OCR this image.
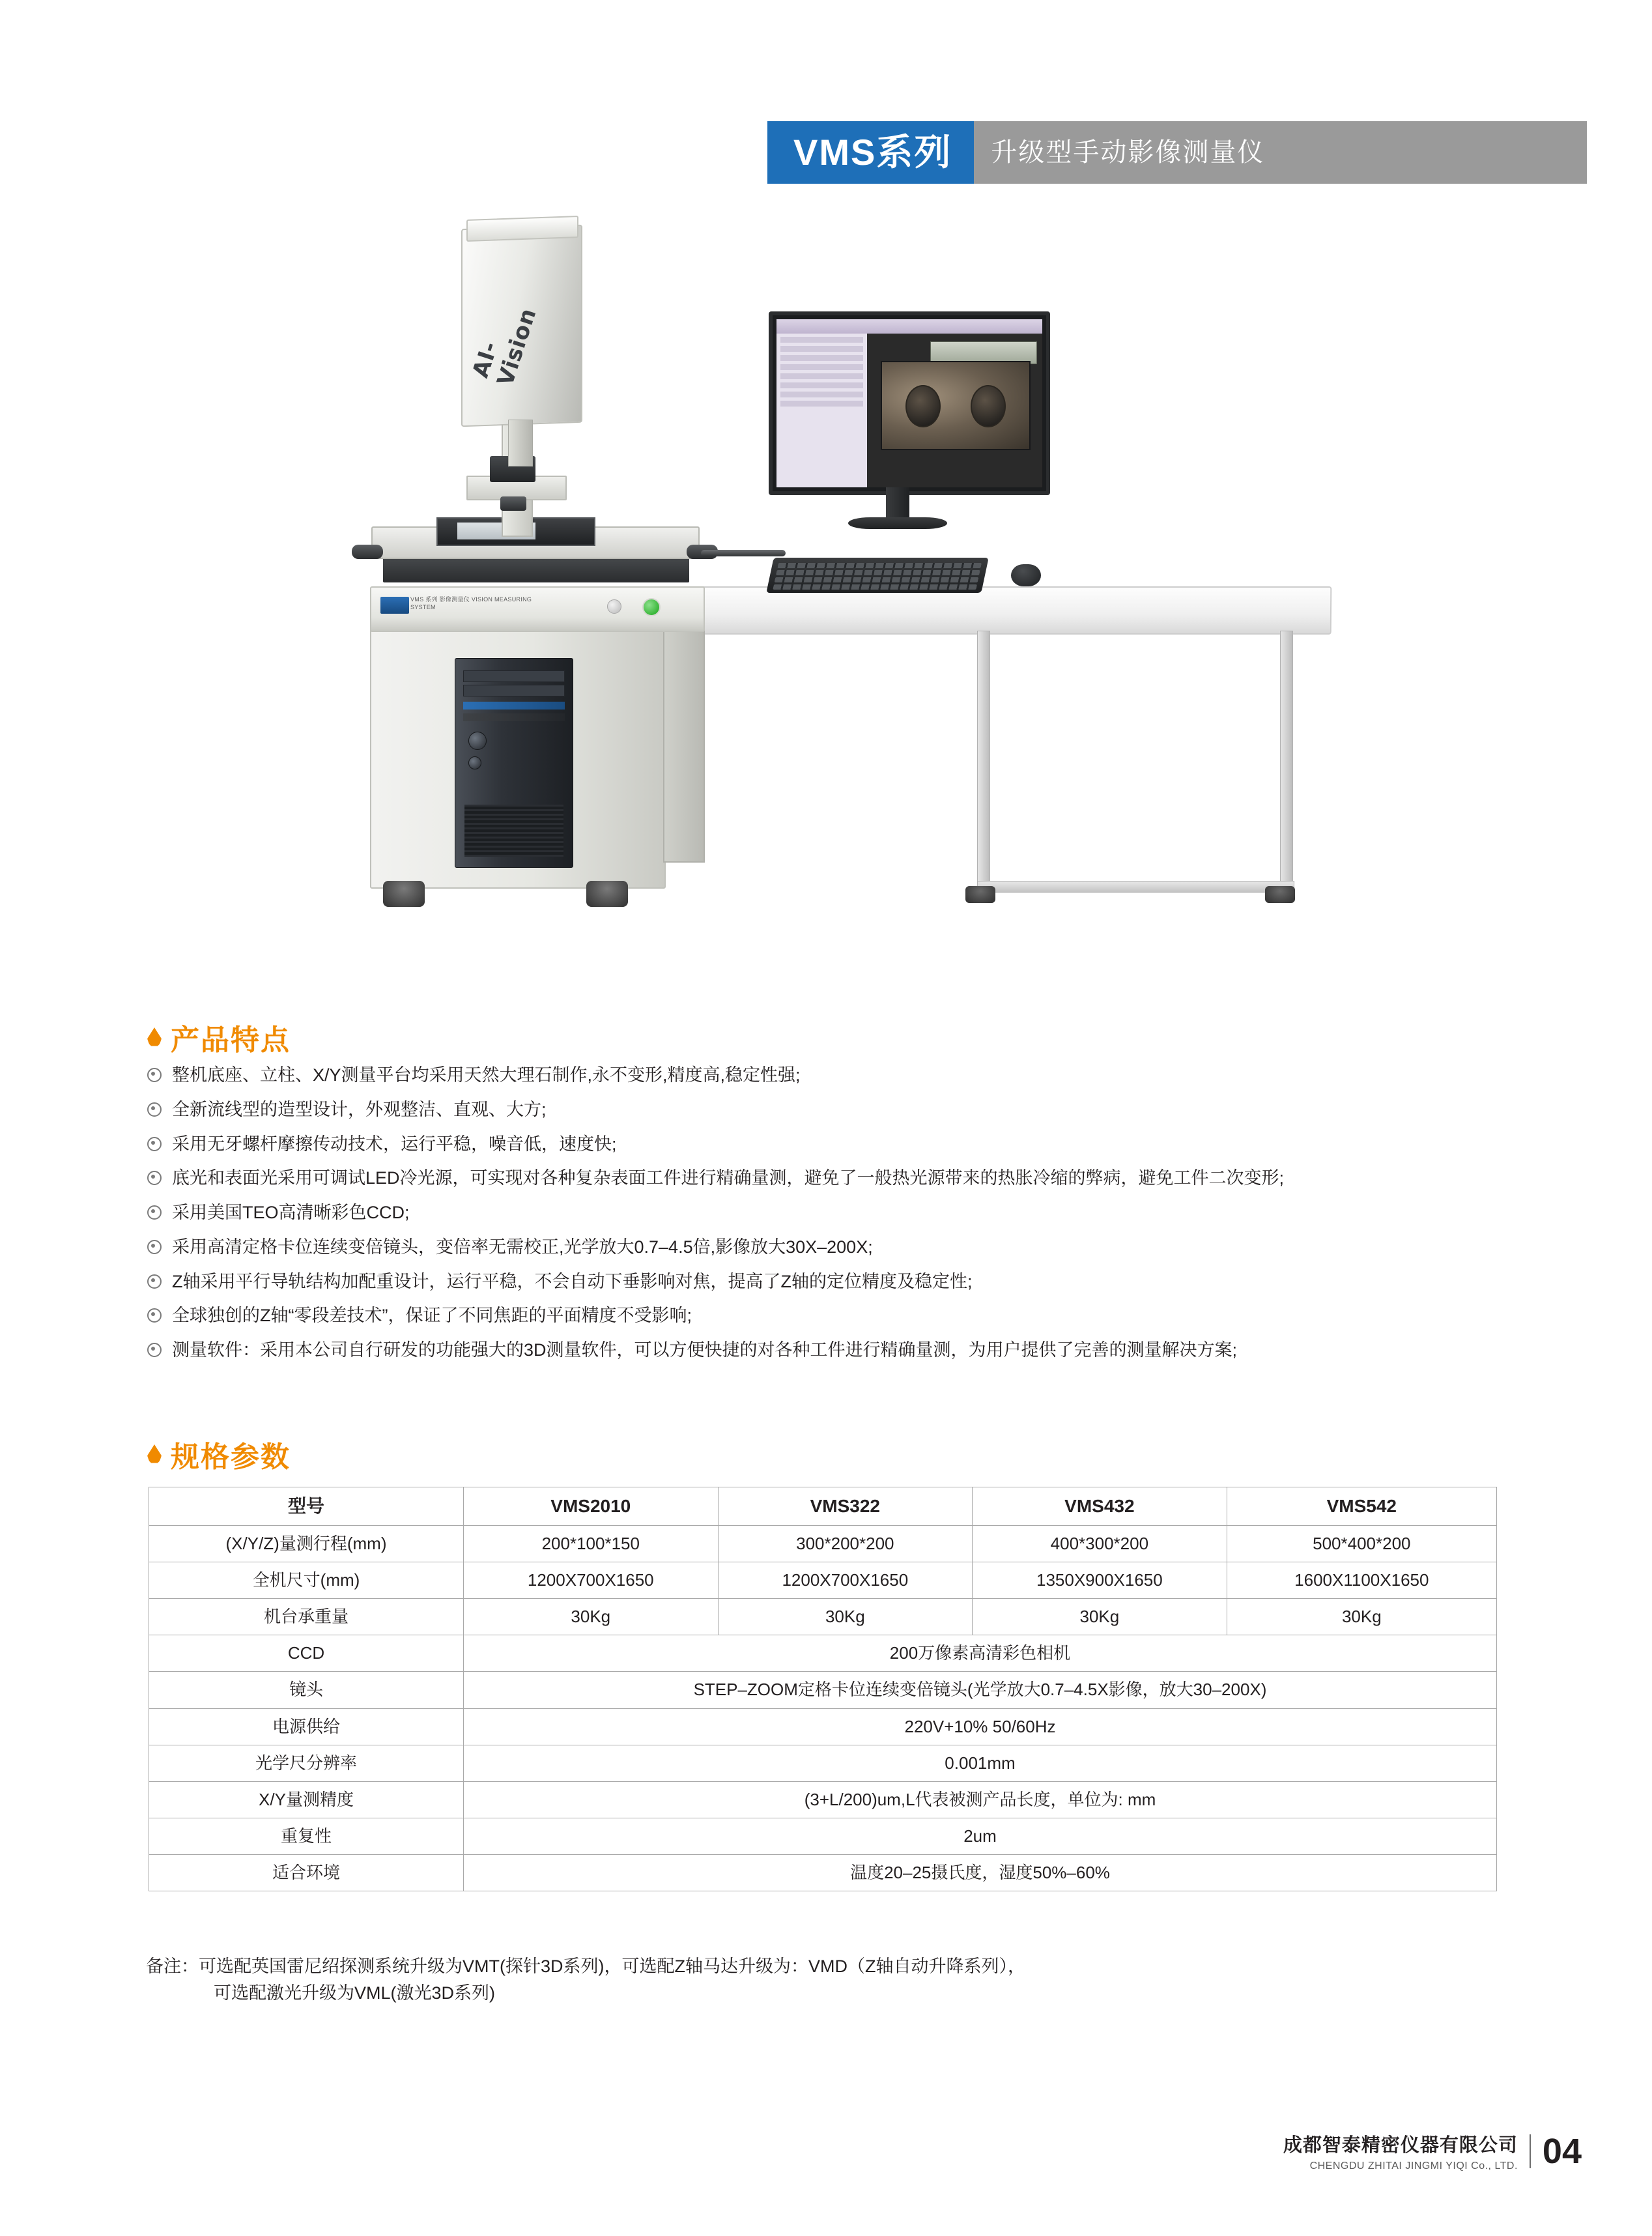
VMS系列	升级型手动影像测量仪
VMS 系列 影像测量仪 VISION MEASURING SYSTEM
AI-Vision
产品特点
整机底座、立柱、X/Y测量平台均采用天然大理石制作,永不变形,精度高,稳定性强;
全新流线型的造型设计，外观整洁、直观、大方;
采用无牙螺杆摩擦传动技术，运行平稳，噪音低，速度快;
底光和表面光采用可调试LED冷光源，可实现对各种复杂表面工件进行精确量测，避免了一般热光源带来的热胀冷缩的弊病，避免工件二次变形;
采用美国TEO高清晰彩色CCD;
采用高清定格卡位连续变倍镜头，变倍率无需校正,光学放大0.7–4.5倍,影像放大30X–200X;
Z轴采用平行导轨结构加配重设计，运行平稳，不会自动下垂影响对焦，提高了Z轴的定位精度及稳定性;
全球独创的Z轴“零段差技术”，保证了不同焦距的平面精度不受影响;
测量软件：采用本公司自行研发的功能强大的3D测量软件，可以方便快捷的对各种工件进行精确量测，为用户提供了完善的测量解决方案;
规格参数
型号	VMS2010	VMS322	VMS432	VMS542
(X/Y/Z)量测行程(mm)	200*100*150	300*200*200	400*300*200	500*400*200
全机尺寸(mm)	1200X700X1650	1200X700X1650	1350X900X1650	1600X1100X1650
机台承重量	30Kg	30Kg	30Kg	30Kg
CCD	200万像素高清彩色相机			
镜头	STEP–ZOOM定格卡位连续变倍镜头(光学放大0.7–4.5X影像，放大30–200X)			
电源供给	220V+10% 50/60Hz			
光学尺分辨率	0.001mm			
X/Y量测精度	(3+L/200)um,L代表被测产品长度，单位为: mm			
重复性	2um			
适合环境	温度20–25摄氏度，湿度50%–60%			
备注：可选配英国雷尼绍探测系统升级为VMT(探针3D系列)，可选配Z轴马达升级为：VMD（Z轴自动升降系列），
可选配激光升级为VML(激光3D系列)
成都智泰精密仪器有限公司
CHENGDU ZHITAI JINGMI YIQI Co., LTD. 04
